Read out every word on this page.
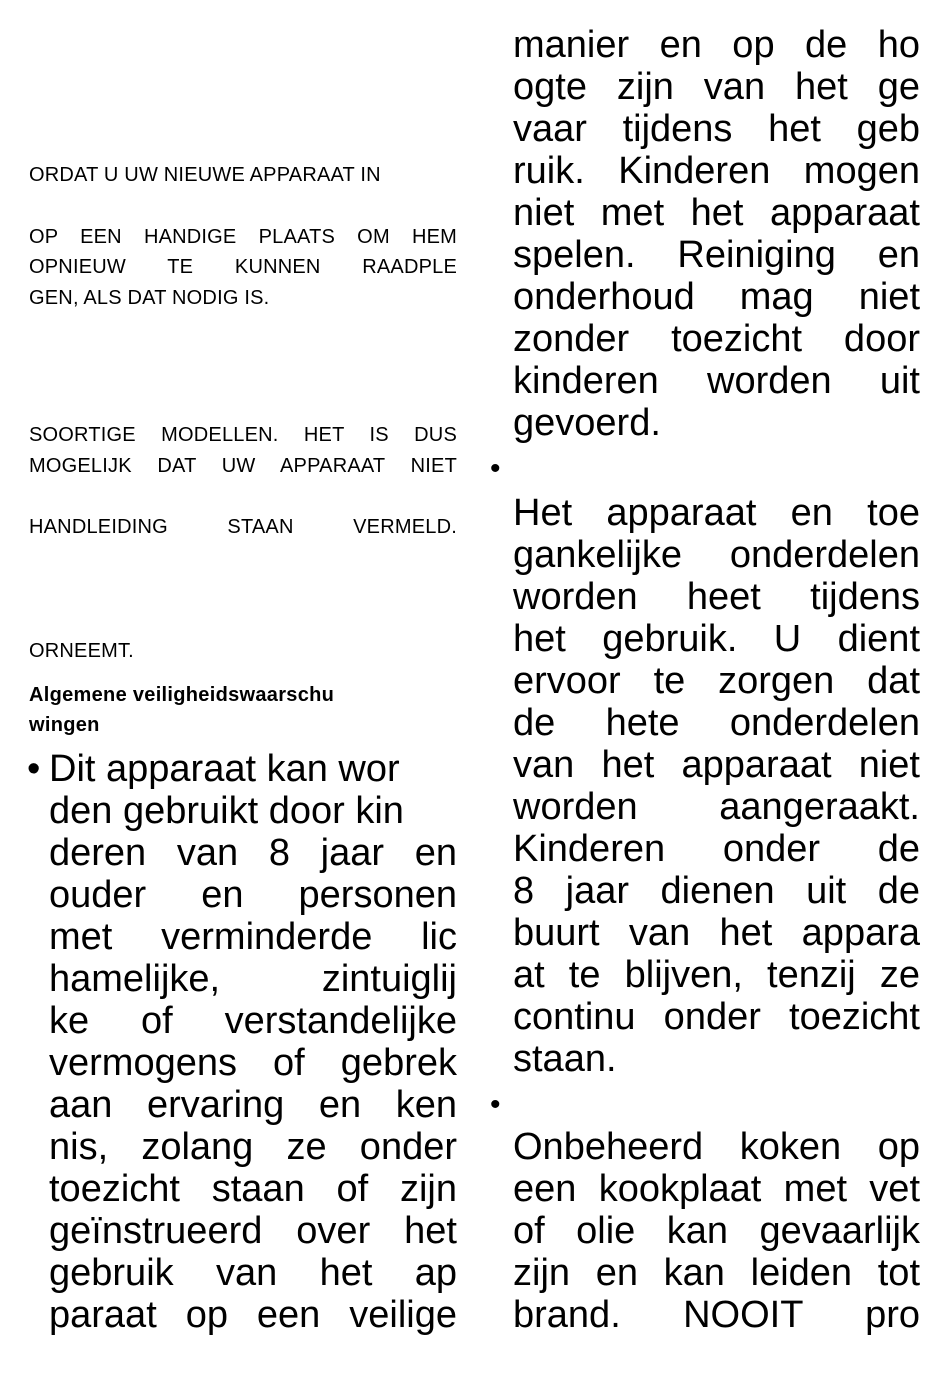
ORDAT U UW NIEUWE APPARAAT IN
OP EEN HANDIGE PLAATS OM HEM
OPNIEUW TE KUNNEN RAADPLE
GEN, ALS DAT NODIG IS.
SOORTIGE MODELLEN. HET IS DUS
MOGELIJK DAT UW APPARAAT NIET
HANDLEIDING STAAN VERMELD.
ORNEEMT.
Algemene veiligheidswaarschu
wingen
• Dit apparaat kan wor
den gebruikt door kin
deren van 8 jaar en
ouder en personen
met verminderde lic
hamelijke, zintuiglij
ke of verstandelijke
vermogens of gebrek
aan ervaring en ken
nis, zolang ze onder
toezicht staan of zijn
geïnstrueerd over het
gebruik van het ap
paraat op een veilige
manier en op de ho
ogte zijn van het ge
vaar tijdens het geb
ruik. Kinderen mogen
niet met het apparaat
spelen. Reiniging en
onderhoud mag niet
zonder toezicht door
kinderen worden uit
gevoerd.
•
Het apparaat en toe
gankelijke onderdelen
worden heet tijdens
het gebruik. U dient
ervoor te zorgen dat
de hete onderdelen
van het apparaat niet
worden aangeraakt.
Kinderen onder de
8 jaar dienen uit de
buurt van het appara
at te blijven, tenzij ze
continu onder toezicht
staan.
•
Onbeheerd koken op
een kookplaat met vet
of olie kan gevaarlijk
zijn en kan leiden tot
brand. NOOIT pro
